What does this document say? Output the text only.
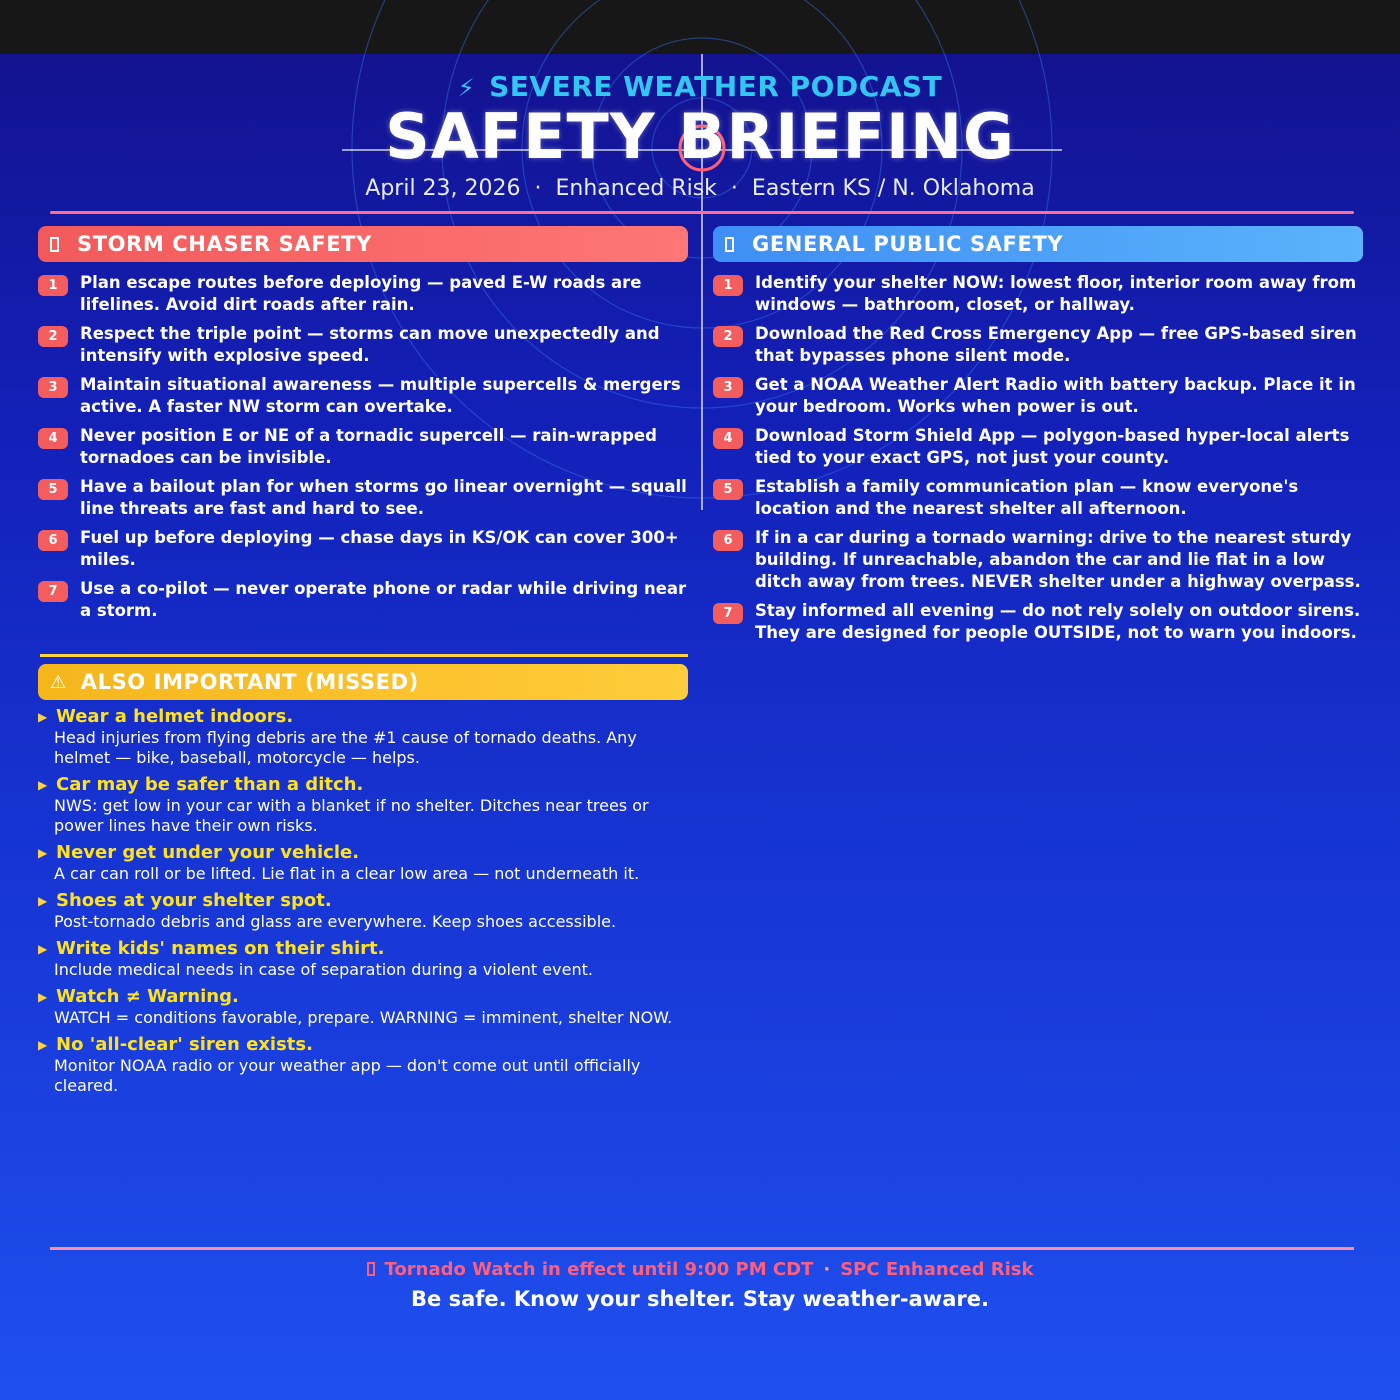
⚡ SEVERE WEATHER PODCAST
SAFETY BRIEFING
April 23, 2026 · Enhanced Risk · Eastern KS / N. Oklahoma
STORM CHASER SAFETY
1	Plan escape routes before deploying — paved E-W roads are lifelines. Avoid dirt roads after rain.
2	Respect the triple point — storms can move unexpectedly and intensify with explosive speed.
3	Maintain situational awareness — multiple supercells & mergers active. A faster NW storm can overtake.
4	Never position E or NE of a tornadic supercell — rain-wrapped tornadoes can be invisible.
5	Have a bailout plan for when storms go linear overnight — squall line threats are fast and hard to see.
6	Fuel up before deploying — chase days in KS/OK can cover 300+ miles.
7	Use a co-pilot — never operate phone or radar while driving near a storm.
GENERAL PUBLIC SAFETY
1	Identify your shelter NOW: lowest floor, interior room away from windows — bathroom, closet, or hallway.
2	Download the Red Cross Emergency App — free GPS-based siren that bypasses phone silent mode.
3	Get a NOAA Weather Alert Radio with battery backup. Place it in your bedroom. Works when power is out.
4	Download Storm Shield App — polygon-based hyper-local alerts tied to your exact GPS, not just your county.
5	Establish a family communication plan — know everyone's location and the nearest shelter all afternoon.
6	If in a car during a tornado warning: drive to the nearest sturdy building. If unreachable, abandon the car and lie flat in a low ditch away from trees. NEVER shelter under a highway overpass.
7	Stay informed all evening — do not rely solely on outdoor sirens. They are designed for people OUTSIDE, not to warn you indoors.
⚠ ALSO IMPORTANT (MISSED)
▶ Wear a helmet indoors.
Head injuries from flying debris are the #1 cause of tornado deaths. Any helmet — bike, baseball, motorcycle — helps.
▶ Car may be safer than a ditch.
NWS: get low in your car with a blanket if no shelter. Ditches near trees or power lines have their own risks.
▶ Never get under your vehicle.
A car can roll or be lifted. Lie flat in a clear low area — not underneath it.
▶ Shoes at your shelter spot.
Post-tornado debris and glass are everywhere. Keep shoes accessible.
▶ Write kids' names on their shirt.
Include medical needs in case of separation during a violent event.
▶ Watch ≠ Warning.
WATCH = conditions favorable, prepare. WARNING = imminent, shelter NOW.
▶ No 'all-clear' siren exists.
Monitor NOAA radio or your weather app — don't come out until officially cleared.
Tornado Watch in effect until 9:00 PM CDT · SPC Enhanced Risk
Be safe. Know your shelter. Stay weather-aware.
